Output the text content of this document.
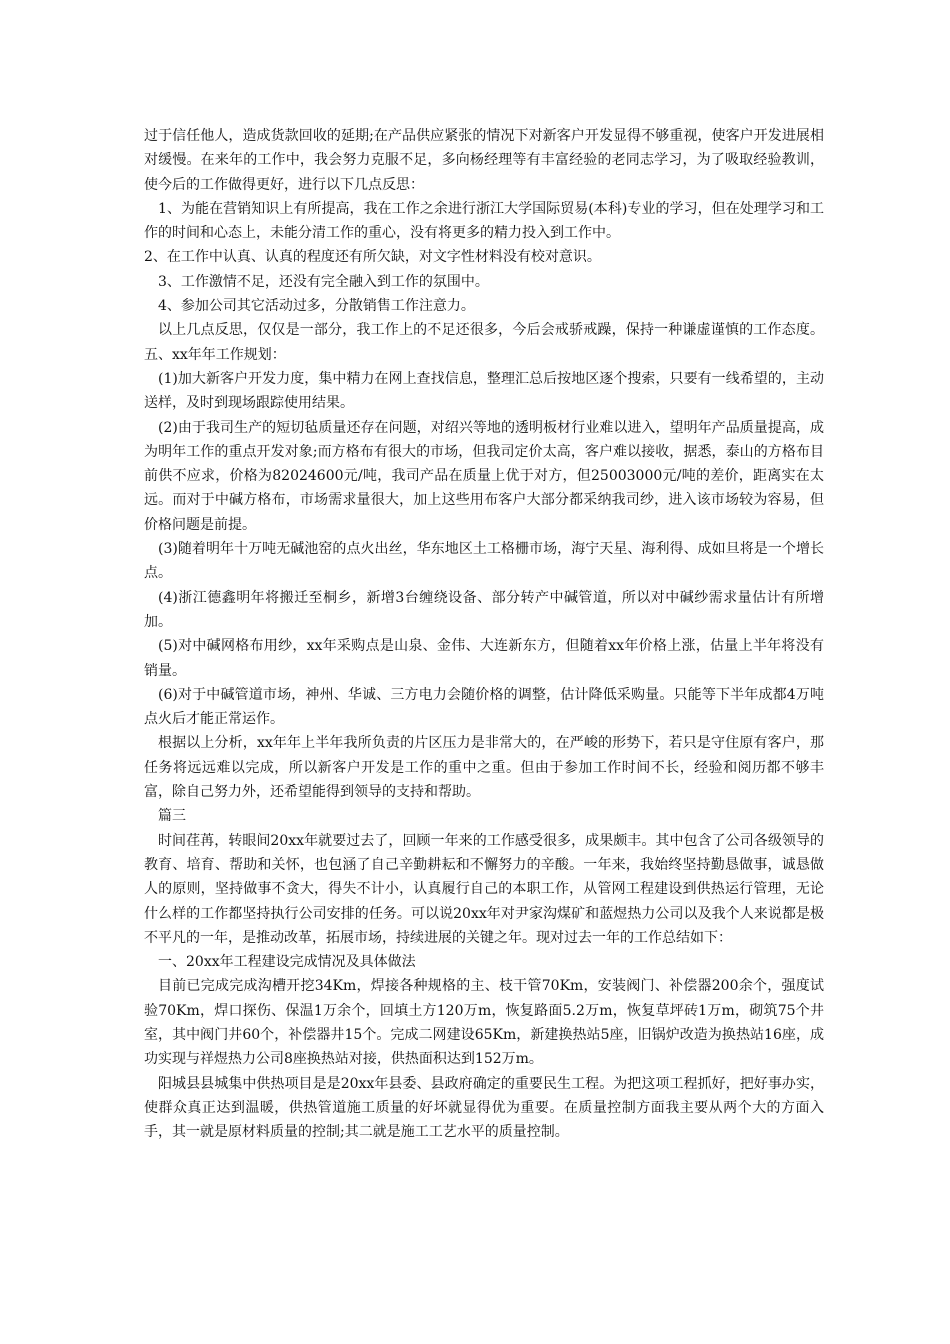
过于信任他人，造成货款回收的延期;在产品供应紧张的情况下对新客户开发显得不够重视，使客户开发进展相对缓慢。在来年的工作中，我会努力克服不足，多向杨经理等有丰富经验的老同志学习，为了吸取经验教训，使今后的工作做得更好，进行以下几点反思：

1、为能在营销知识上有所提高，我在工作之余进行浙江大学国际贸易(本科)专业的学习，但在处理学习和工作的时间和心态上，未能分清工作的重心，没有将更多的精力投入到工作中。

2、在工作中认真、认真的程度还有所欠缺，对文字性材料没有校对意识。

3、工作激情不足，还没有完全融入到工作的氛围中。

4、参加公司其它活动过多，分散销售工作注意力。

以上几点反思，仅仅是一部分，我工作上的不足还很多，今后会戒骄戒躁，保持一种谦虚谨慎的工作态度。五、xx年年工作规划：

(1)加大新客户开发力度，集中精力在网上查找信息，整理汇总后按地区逐个搜索，只要有一线希望的，主动送样，及时到现场跟踪使用结果。

(2)由于我司生产的短切毡质量还存在问题，对绍兴等地的透明板材行业难以进入，望明年产品质量提高，成为明年工作的重点开发对象;而方格布有很大的市场，但我司定价太高，客户难以接收，据悉，泰山的方格布目前供不应求，价格为82024600元/吨，我司产品在质量上优于对方，但25003000元/吨的差价，距离实在太远。而对于中碱方格布，市场需求量很大，加上这些用布客户大部分都采纳我司纱，进入该市场较为容易，但价格问题是前提。

(3)随着明年十万吨无碱池窑的点火出丝，华东地区土工格栅市场，海宁天星、海利得、成如旦将是一个增长点。

(4)浙江德鑫明年将搬迁至桐乡，新增3台缠绕设备、部分转产中碱管道，所以对中碱纱需求量估计有所增加。

(5)对中碱网格布用纱，xx年采购点是山泉、金伟、大连新东方，但随着xx年价格上涨，估量上半年将没有销量。

(6)对于中碱管道市场，神州、华诚、三方电力会随价格的调整，估计降低采购量。只能等下半年成都4万吨点火后才能正常运作。

根据以上分析，xx年年上半年我所负责的片区压力是非常大的，在严峻的形势下，若只是守住原有客户，那任务将远远难以完成，所以新客户开发是工作的重中之重。但由于参加工作时间不长，经验和阅历都不够丰富，除自己努力外，还希望能得到领导的支持和帮助。

篇三

时间荏苒，转眼间20xx年就要过去了，回顾一年来的工作感受很多，成果颇丰。其中包含了公司各级领导的教育、培育、帮助和关怀，也包涵了自己辛勤耕耘和不懈努力的辛酸。一年来，我始终坚持勤恳做事，诚恳做人的原则，坚持做事不贪大，得失不计小，认真履行自己的本职工作，从管网工程建设到供热运行管理，无论什么样的工作都坚持执行公司安排的任务。可以说20xx年对尹家沟煤矿和蓝煜热力公司以及我个人来说都是极不平凡的一年，是推动改革，拓展市场，持续进展的关键之年。现对过去一年的工作总结如下：

一、20xx年工程建设完成情况及具体做法

目前已完成完成沟槽开挖34Km，焊接各种规格的主、枝干管70Km，安装阀门、补偿器200余个，强度试验70Km，焊口探伤、保温1万余个，回填土方120万m，恢复路面5.2万m，恢复草坪砖1万m，砌筑75个井室，其中阀门井60个，补偿器井15个。完成二网建设65Km，新建换热站5座，旧锅炉改造为换热站16座，成功实现与祥煜热力公司8座换热站对接，供热面积达到152万m。

阳城县县城集中供热项目是是20xx年县委、县政府确定的重要民生工程。为把这项工程抓好，把好事办实，使群众真正达到温暖，供热管道施工质量的好坏就显得优为重要。在质量控制方面我主要从两个大的方面入手，其一就是原材料质量的控制;其二就是施工工艺水平的质量控制。
